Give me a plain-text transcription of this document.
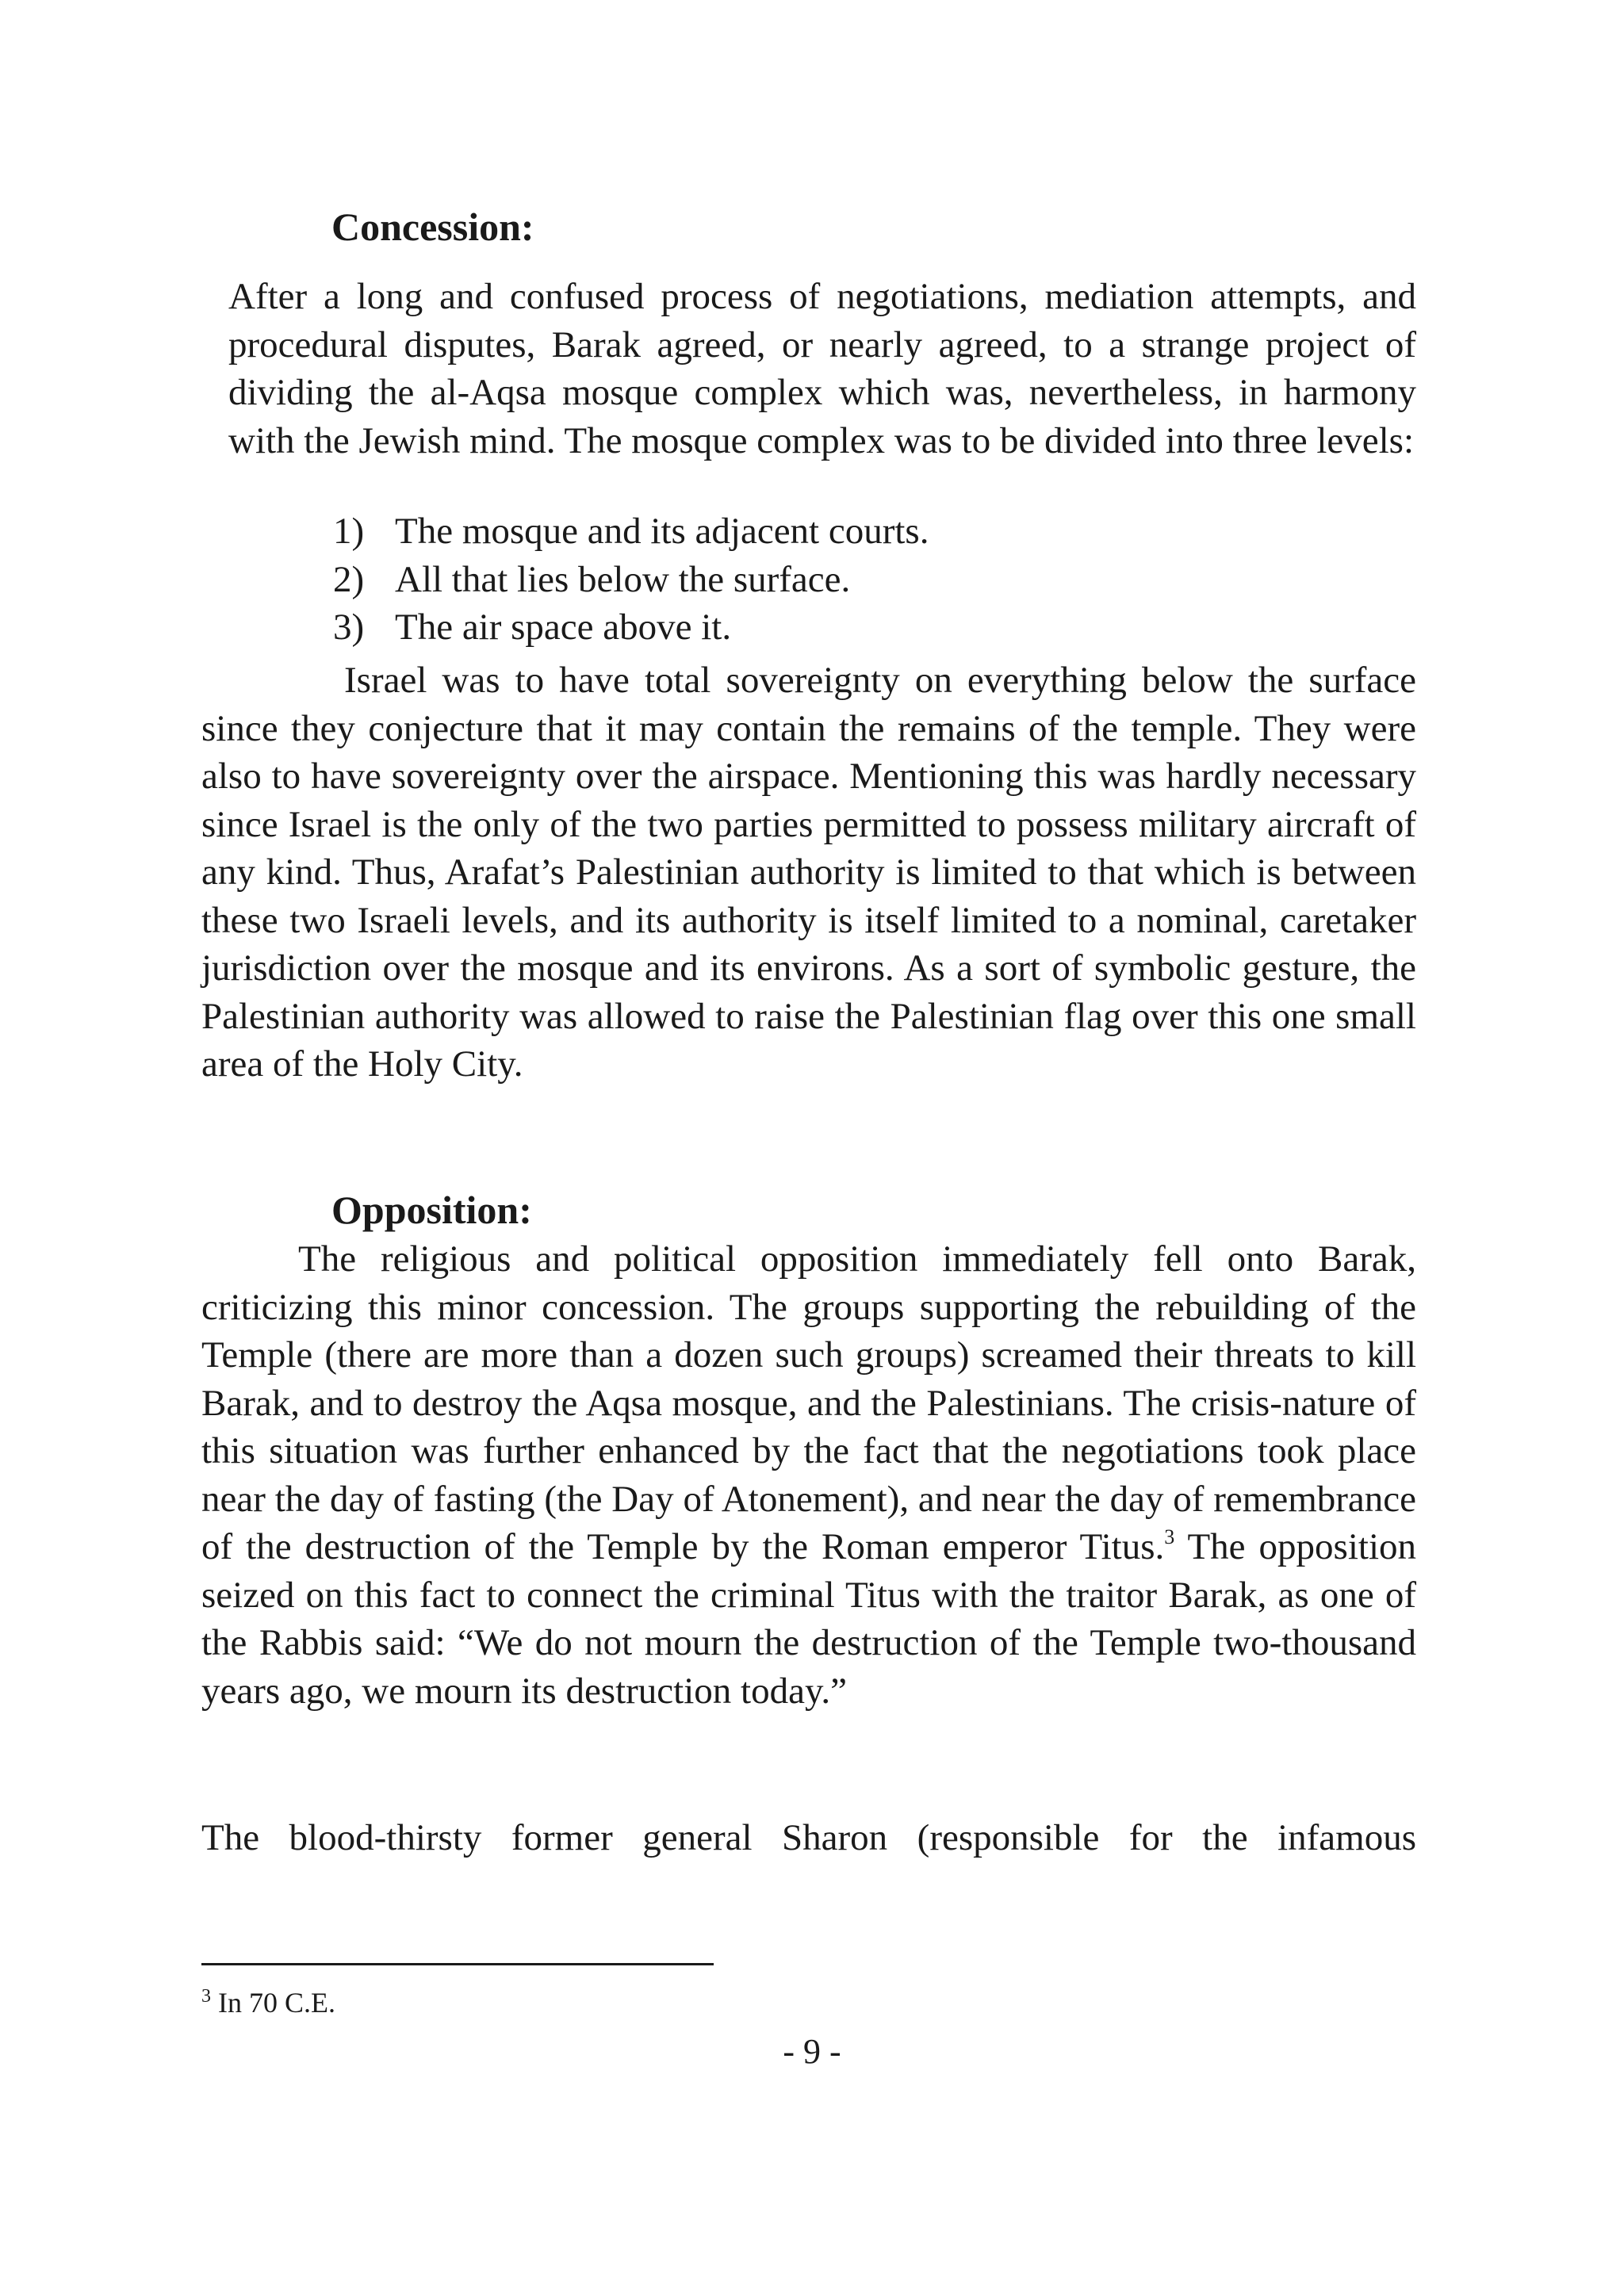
Concession:

After a long and confused process of negotiations, mediation attempts, and procedural disputes, Barak agreed, or nearly agreed, to a strange project of dividing the al-Aqsa mosque complex which was, nevertheless, in harmony with the Jewish mind. The mosque complex was to be divided into three levels:

1) The mosque and its adjacent courts.
2) All that lies below the surface.
3) The air space above it.

Israel was to have total sovereignty on everything below the surface since they conjecture that it may contain the remains of the temple. They were also to have sovereignty over the airspace. Mentioning this was hardly necessary since Israel is the only of the two parties permitted to possess military aircraft of any kind. Thus, Arafat’s Palestinian authority is limited to that which is between these two Israeli levels, and its authority is itself limited to a nominal, caretaker jurisdiction over the mosque and its environs. As a sort of symbolic gesture, the Palestinian authority was allowed to raise the Palestinian flag over this one small area of the Holy City.

Opposition:

The religious and political opposition immediately fell onto Barak, criticizing this minor concession. The groups supporting the rebuilding of the Temple (there are more than a dozen such groups) screamed their threats to kill Barak, and to destroy the Aqsa mosque, and the Palestinians. The crisis-nature of this situation was further enhanced by the fact that the negotiations took place near the day of fasting (the Day of Atonement), and near the day of remembrance of the destruction of the Temple by the Roman emperor Titus.$^3$ The opposition seized on this fact to connect the criminal Titus with the traitor Barak, as one of the Rabbis said: “We do not mourn the destruction of the Temple two-thousand years ago, we mourn its destruction today.”

The blood-thirsty former general Sharon (responsible for the infamous

$^3$ In 70 C.E.
- 9 -
